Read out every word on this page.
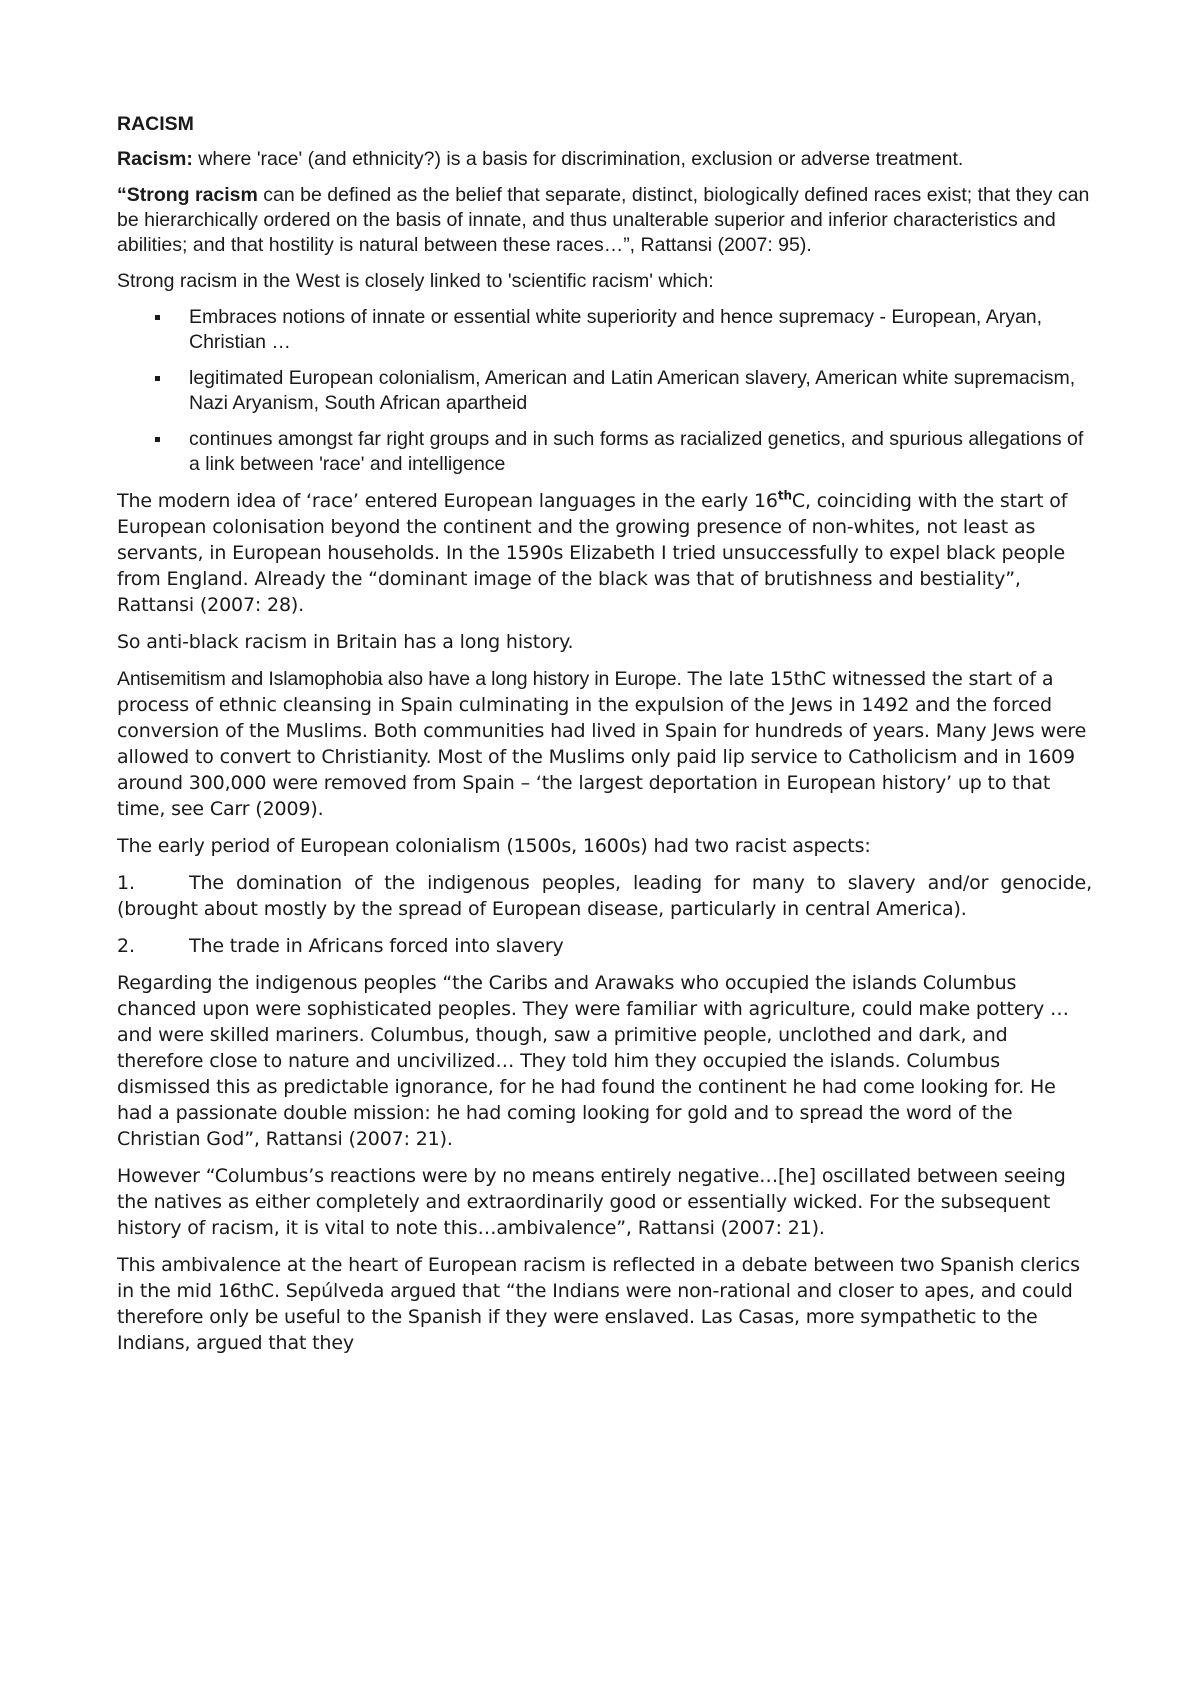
RACISM

Racism: where 'race' (and ethnicity?) is a basis for discrimination, exclusion or adverse treatment.

“Strong racism can be defined as the belief that separate, distinct, biologically defined races exist; that they can be hierarchically ordered on the basis of innate, and thus unalterable superior and inferior characteristics and abilities; and that hostility is natural between these races…”, Rattansi (2007: 95).

Strong racism in the West is closely linked to 'scientific racism' which:

Embraces notions of innate or essential white superiority and hence supremacy - European, Aryan, Christian …
legitimated European colonialism, American and Latin American slavery, American white supremacism, Nazi Aryanism, South African apartheid
continues amongst far right groups and in such forms as racialized genetics, and spurious allegations of a link between 'race' and intelligence

The modern idea of ‘race’ entered European languages in the early 16thC, coinciding with the start of European colonisation beyond the continent and the growing presence of non-whites, not least as servants, in European households. In the 1590s Elizabeth I tried unsuccessfully to expel black people from England. Already the “dominant image of the black was that of brutishness and bestiality”, Rattansi (2007: 28).

So anti-black racism in Britain has a long history.

Antisemitism and Islamophobia also have a long history in Europe. The late 15thC witnessed the start of a process of ethnic cleansing in Spain culminating in the expulsion of the Jews in 1492 and the forced conversion of the Muslims. Both communities had lived in Spain for hundreds of years. Many Jews were allowed to convert to Christianity. Most of the Muslims only paid lip service to Catholicism and in 1609 around 300,000 were removed from Spain – ‘the largest deportation in European history’ up to that time, see Carr (2009).

The early period of European colonialism (1500s, 1600s) had two racist aspects:

1.	The domination of the indigenous peoples, leading for many to slavery and/or genocide, (brought about mostly by the spread of European disease, particularly in central America).

2.	The trade in Africans forced into slavery

Regarding the indigenous peoples “the Caribs and Arawaks who occupied the islands Columbus chanced upon were sophisticated peoples. They were familiar with agriculture, could make pottery … and were skilled mariners. Columbus, though, saw a primitive people, unclothed and dark, and therefore close to nature and uncivilized… They told him they occupied the islands. Columbus dismissed this as predictable ignorance, for he had found the continent he had come looking for. He had a passionate double mission: he had coming looking for gold and to spread the word of the Christian God”, Rattansi (2007: 21).

However “Columbus’s reactions were by no means entirely negative…[he] oscillated between seeing the natives as either completely and extraordinarily good or essentially wicked. For the subsequent history of racism, it is vital to note this…ambivalence”, Rattansi (2007: 21).

This ambivalence at the heart of European racism is reflected in a debate between two Spanish clerics in the mid 16thC. Sepúlveda argued that “the Indians were non-rational and closer to apes, and could therefore only be useful to the Spanish if they were enslaved. Las Casas, more sympathetic to the Indians, argued that they
